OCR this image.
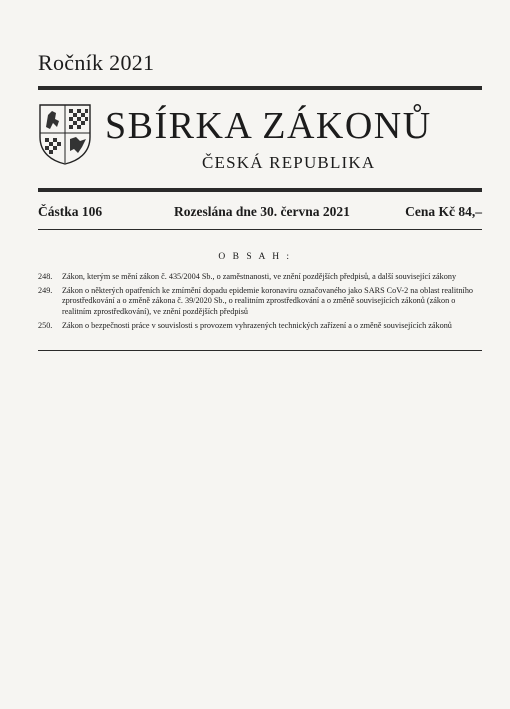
Ročník 2021
SBÍRKA ZÁKONŮ
ČESKÁ REPUBLIKA
Částka 106	Rozeslána dne 30. června 2021	Cena Kč 84,–
O B S A H :
248.	Zákon, kterým se mění zákon č. 435/2004 Sb., o zaměstnanosti, ve znění pozdějších předpisů, a další související zákony
249.	Zákon o některých opatřeních ke zmírnění dopadu epidemie koronaviru označovaného jako SARS CoV-2 na oblast realitního zprostředkování a o změně zákona č. 39/2020 Sb., o realitním zprostředkování a o změně souvisejících zákonů (zákon o realitním zprostředkování), ve znění pozdějších předpisů
250.	Zákon o bezpečnosti práce v souvislosti s provozem vyhrazených technických zařízení a o změně souvisejících zákonů
